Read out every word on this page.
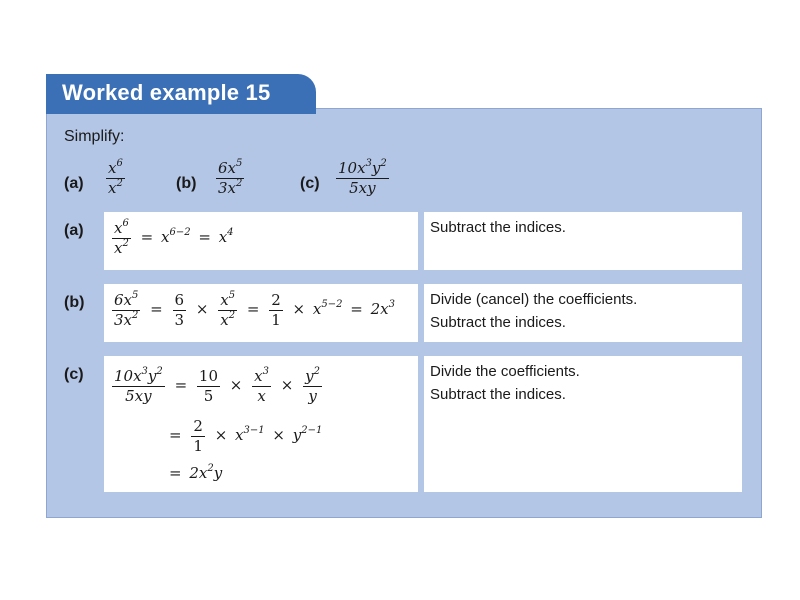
Worked example 15
Simplify:
$(a) \frac{x^6}{x^2}$	$(b) \frac{6x^5}{3x^2}$	$(c) \frac{10x^3y^2}{5xy}$
(a)
(b)
(c)
Subtract the indices.
Divide (cancel) the coefficients.
Subtract the indices.
Divide the coefficients.
Subtract the indices.
$\frac{x^6}{x^2} = x^{6-2} = x^4$
$\frac{6x^5}{3x^2} = \frac{6}{3} \times \frac{x^5}{x^2} = \frac{2}{1} \times x^{5-2} = 2x^3$
$\frac{10x^3y^2}{5xy} = \frac{10}{5} \times \frac{x^3}{x} \times \frac{y^2}{y}$
= $\frac{2}{1} \times x^{3-1} \times y^{2-1}$
= $2x^2y$
